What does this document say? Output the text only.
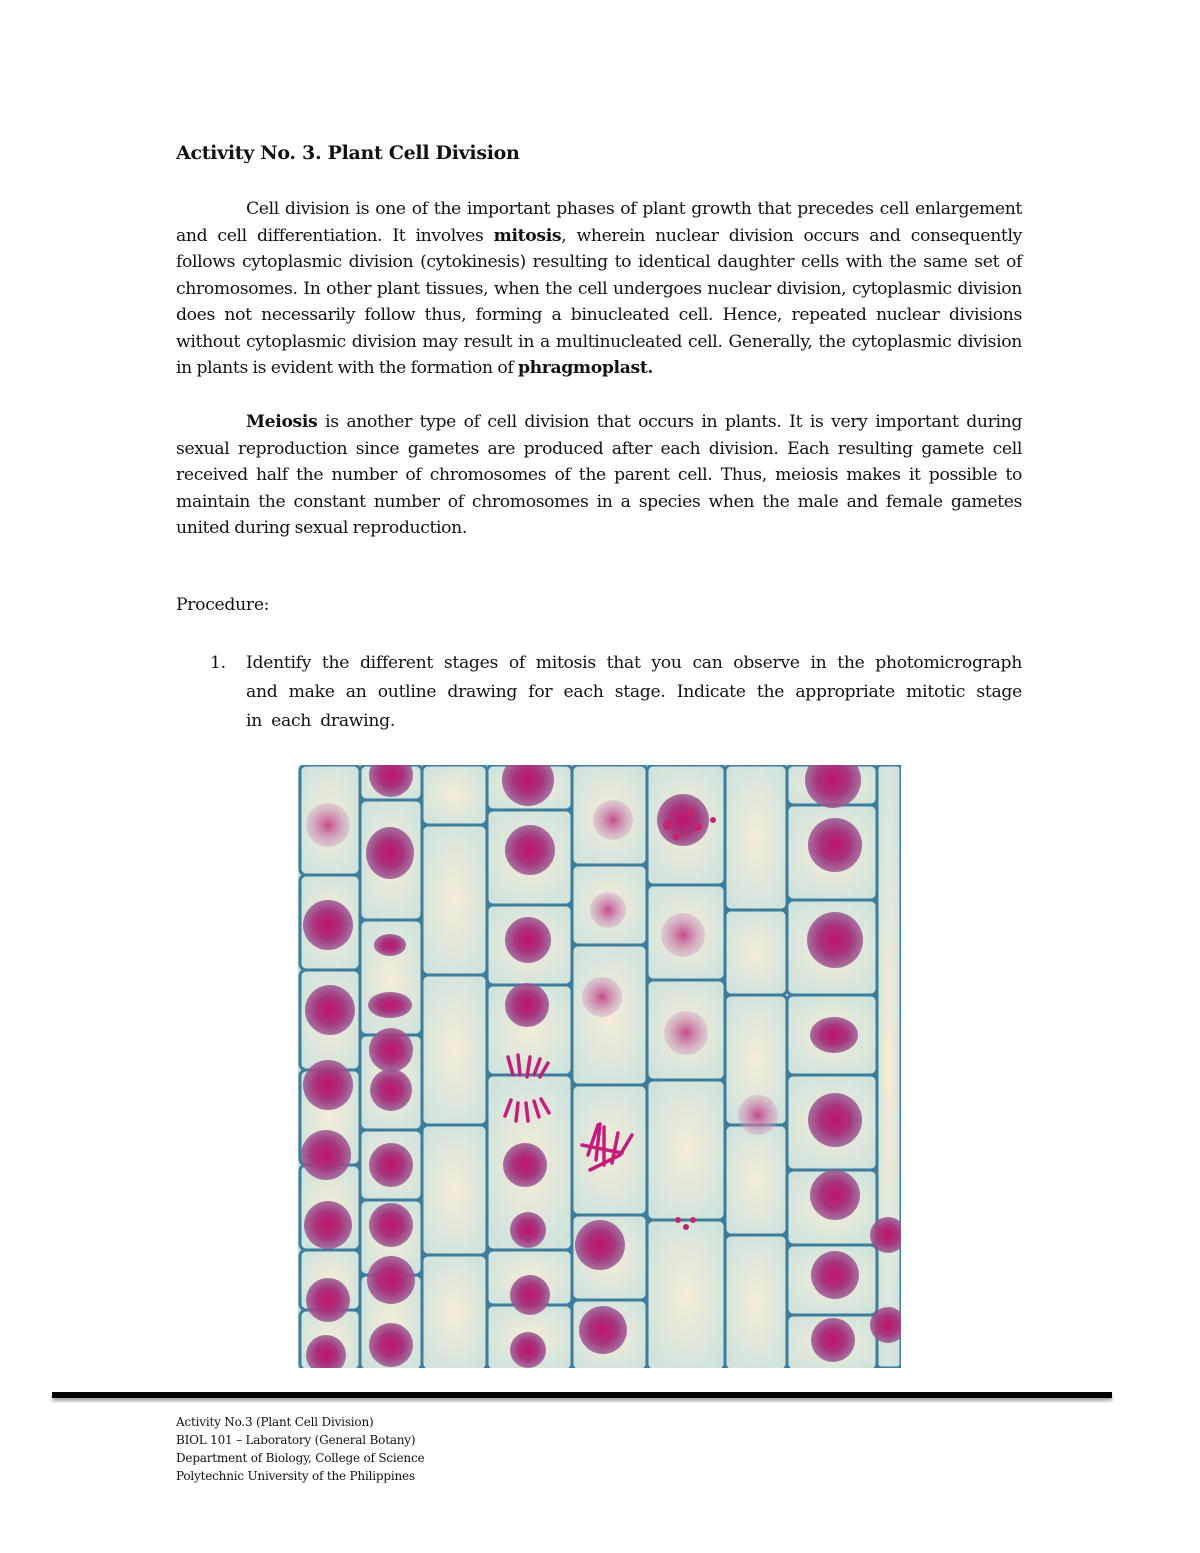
Activity No. 3. Plant Cell Division
Cell division is one of the important phases of plant growth that precedes cell enlargement and cell differentiation. It involves mitosis, wherein nuclear division occurs and consequently follows cytoplasmic division (cytokinesis) resulting to identical daughter cells with the same set of chromosomes. In other plant tissues, when the cell undergoes nuclear division, cytoplasmic division does not necessarily follow thus, forming a binucleated cell. Hence, repeated nuclear divisions without cytoplasmic division may result in a multinucleated cell. Generally, the cytoplasmic division in plants is evident with the formation of phragmoplast.
Meiosis is another type of cell division that occurs in plants. It is very important during sexual reproduction since gametes are produced after each division. Each resulting gamete cell received half the number of chromosomes of the parent cell. Thus, meiosis makes it possible to maintain the constant number of chromosomes in a species when the male and female gametes united during sexual reproduction.
Procedure:
1.	Identify the different stages of mitosis that you can observe in the photomicrograph and make an outline drawing for each stage. Indicate the appropriate mitotic stage in each drawing.
Activity No.3 (Plant Cell Division)
BIOL 101 – Laboratory (General Botany)
Department of Biology, College of Science
Polytechnic University of the Philippines
